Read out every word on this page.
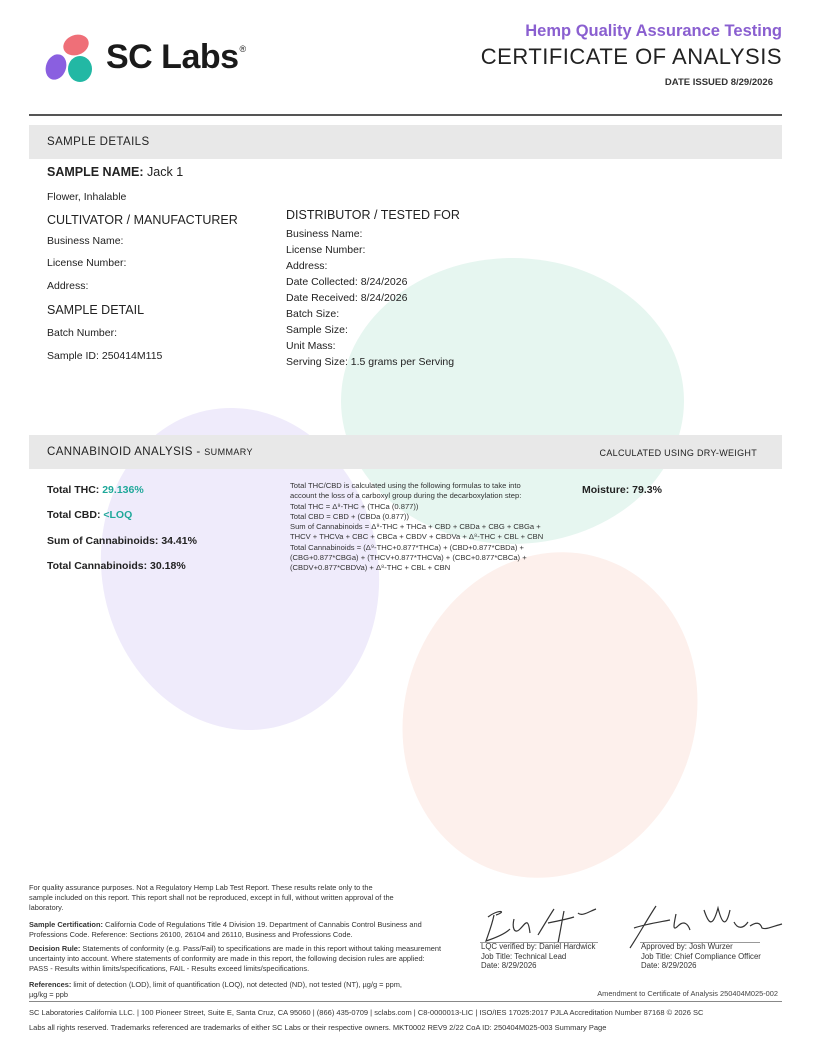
SC Labs®
Hemp Quality Assurance Testing
CERTIFICATE OF ANALYSIS
DATE ISSUED 8/29/2026
SAMPLE DETAILS
SAMPLE NAME: Jack 1
Flower, Inhalable
CULTIVATOR / MANUFACTURER
Business Name:
License Number:
Address:
SAMPLE DETAIL
Batch Number:
Sample ID: 250414M115
DISTRIBUTOR / TESTED FOR
Business Name:
License Number:
Address:
Date Collected: 8/24/2026
Date Received: 8/24/2026
Batch Size:
Sample Size:
Unit Mass:
Serving Size: 1.5 grams per Serving
CANNABINOID ANALYSIS - SUMMARY	CALCULATED USING DRY-WEIGHT
Total THC: 29.136%
Total CBD: <LOQ
Sum of Cannabinoids: 34.41%
Total Cannabinoids: 30.18%
Total THC/CBD is calculated using the following formulas to take into
account the loss of a carboxyl group during the decarboxylation step:
Total THC = Δ⁹-THC + (THCa (0.877))
Total CBD = CBD + (CBDa (0.877))
Sum of Cannabinoids = Δ⁹-THC + THCa + CBD + CBDa + CBG + CBGa +
THCV + THCVa + CBC + CBCa + CBDV + CBDVa + Δ⁸-THC + CBL + CBN
Total Cannabinoids = (Δ⁹-THC+0.877*THCa) + (CBD+0.877*CBDa) +
(CBG+0.877*CBGa) + (THCV+0.877*THCVa) + (CBC+0.877*CBCa) +
(CBDV+0.877*CBDVa) + Δ⁸-THC + CBL + CBN
Moisture: 79.3%
For quality assurance purposes. Not a Regulatory Hemp Lab Test Report. These results relate only to the sample included on this report. This report shall not be reproduced, except in full, without written approval of the laboratory.
Sample Certification: California Code of Regulations Title 4 Division 19. Department of Cannabis Control Business and Professions Code. Reference: Sections 26100, 26104 and 26110, Business and Professions Code.
Decision Rule: Statements of conformity (e.g. Pass/Fail) to specifications are made in this report without taking measurement uncertainty into account. Where statements of conformity are made in this report, the following decision rules are applied: PASS - Results within limits/specifications, FAIL - Results exceed limits/specifications.
References: limit of detection (LOD), limit of quantification (LOQ), not detected (ND), not tested (NT), µg/g = ppm, µg/kg = ppb
LQC verified by: Daniel Hardwick
Job Title: Technical Lead
Date: 8/29/2026
Approved by: Josh Wurzer
Job Title: Chief Compliance Officer
Date: 8/29/2026
Amendment to Certificate of Analysis 250404M025-002
SC Laboratories California LLC. | 100 Pioneer Street, Suite E, Santa Cruz, CA 95060 | (866) 435-0709 | sclabs.com | C8-0000013-LIC | ISO/IES 17025:2017 PJLA Accreditation Number 87168 © 2026 SC
Labs all rights reserved. Trademarks referenced are trademarks of either SC Labs or their respective owners. MKT0002 REV9 2/22 CoA ID: 250404M025-003 Summary Page
